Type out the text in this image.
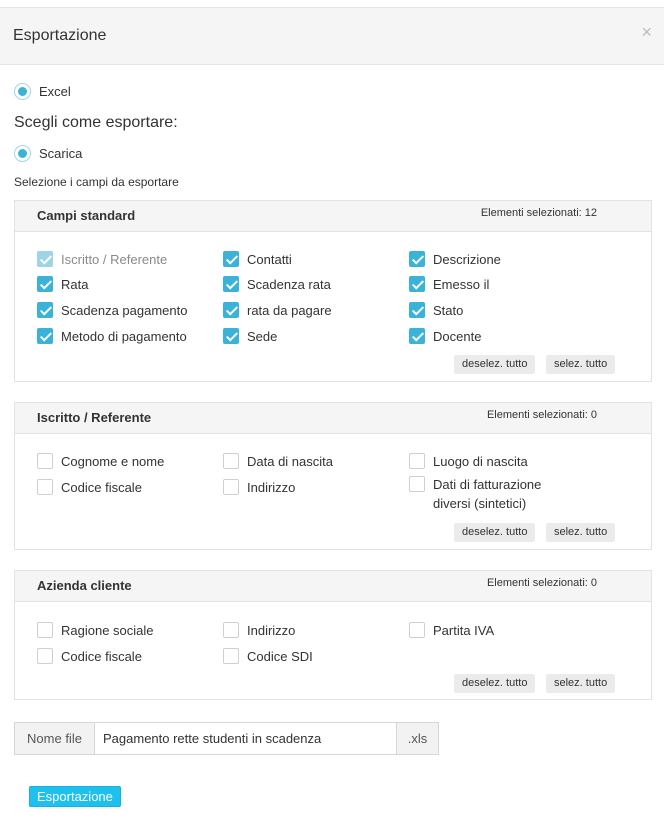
Esportazione	×
Excel
Scegli come esportare:
Scarica
Selezione i campi da esportare
Campi standard	Elementi selezionati: 12
Iscritto / Referente	Contatti	Descrizione
Rata	Scadenza rata	Emesso il
Scadenza pagamento	rata da pagare	Stato
Metodo di pagamento	Sede	Docente
deselez. tutto	selez. tutto
Iscritto / Referente	Elementi selezionati: 0
Cognome e nome	Data di nascita	Luogo di nascita
Codice fiscale	Indirizzo	Dati di fatturazione
diversi (sintetici)
deselez. tutto	selez. tutto
Azienda cliente	Elementi selezionati: 0
Ragione sociale	Indirizzo	Partita IVA
Codice fiscale	Codice SDI
deselez. tutto	selez. tutto
Nome file
Pagamento rette studenti in scadenza	.xls
Esportazione
